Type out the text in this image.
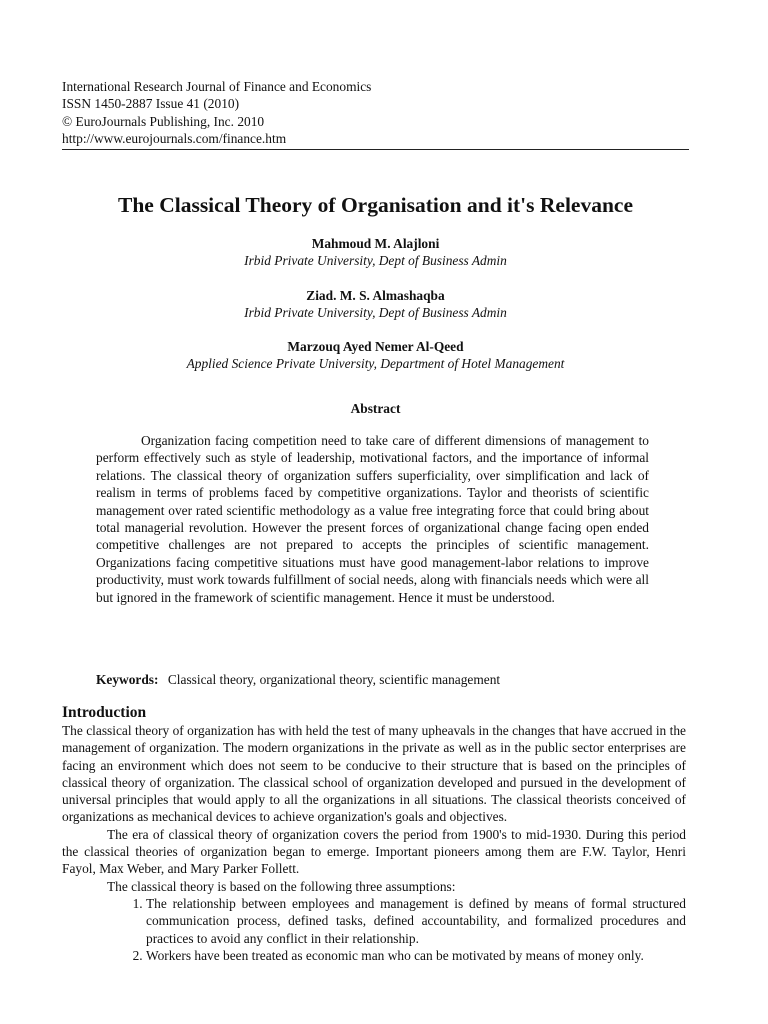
International Research Journal of Finance and Economics
ISSN 1450-2887 Issue 41 (2010)
© EuroJournals Publishing, Inc. 2010
http://www.eurojournals.com/finance.htm
The Classical Theory of Organisation and it's Relevance
Mahmoud M. Alajloni
Irbid Private University, Dept of Business Admin
Ziad. M. S. Almashaqba
Irbid Private University, Dept of Business Admin
Marzouq Ayed Nemer Al-Qeed
Applied Science Private University, Department of Hotel Management
Abstract
Organization facing competition need to take care of different dimensions of management to perform effectively such as style of leadership, motivational factors, and the importance of informal relations. The classical theory of organization suffers superficiality, over simplification and lack of realism in terms of problems faced by competitive organizations. Taylor and theorists of scientific management over rated scientific methodology as a value free integrating force that could bring about total managerial revolution. However the present forces of organizational change facing open ended competitive challenges are not prepared to accepts the principles of scientific management. Organizations facing competitive situations must have good management-labor relations to improve productivity, must work towards fulfillment of social needs, along with financials needs which were all but ignored in the framework of scientific management. Hence it must be understood.
Keywords: Classical theory, organizational theory, scientific management
Introduction

The classical theory of organization has with held the test of many upheavals in the changes that have accrued in the management of organization. The modern organizations in the private as well as in the public sector enterprises are facing an environment which does not seem to be conducive to their structure that is based on the principles of classical theory of organization. The classical school of organization developed and pursued in the development of universal principles that would apply to all the organizations in all situations. The classical theorists conceived of organizations as mechanical devices to achieve organization's goals and objectives.

The era of classical theory of organization covers the period from 1900's to mid-1930. During this period the classical theories of organization began to emerge. Important pioneers among them are F.W. Taylor, Henri Fayol, Max Weber, and Mary Parker Follett.

The classical theory is based on the following three assumptions:

1. The relationship between employees and management is defined by means of formal structured communication process, defined tasks, defined accountability, and formalized procedures and practices to avoid any conflict in their relationship.
2. Workers have been treated as economic man who can be motivated by means of money only.
